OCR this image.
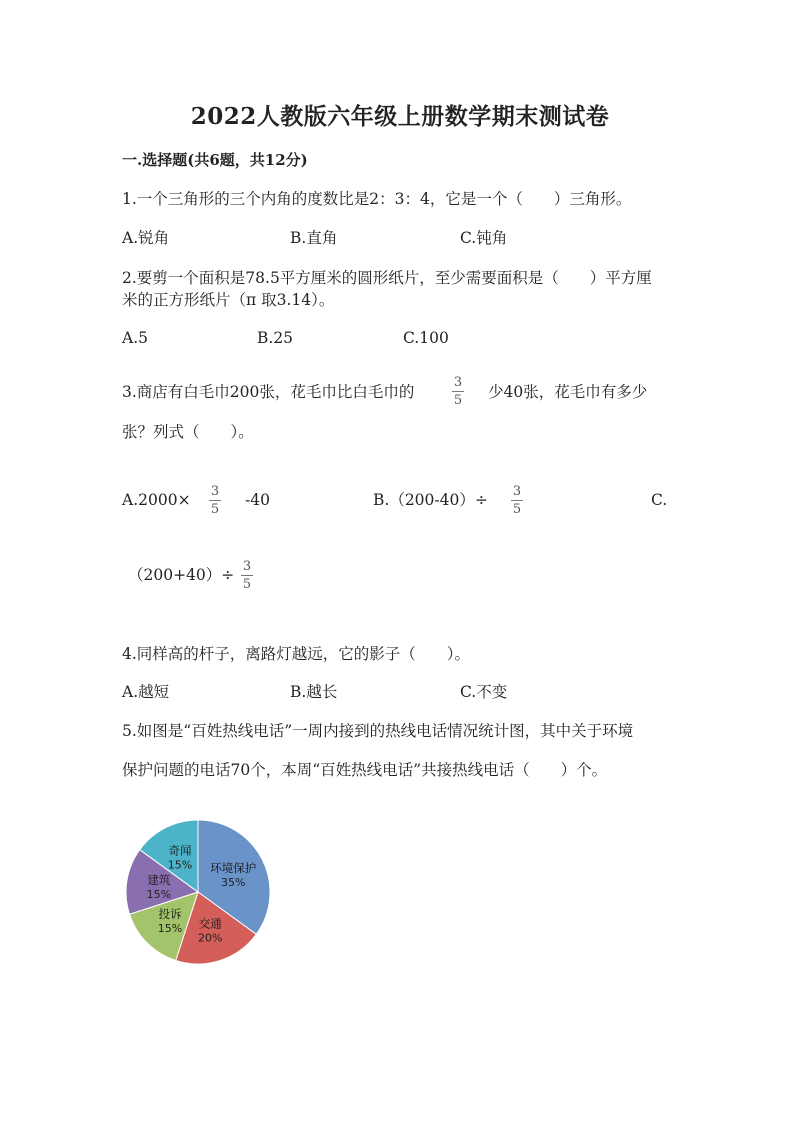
2022人教版六年级上册数学期末测试卷
一.选择题(共6题，共12分)
1.一个三角形的三个内角的度数比是2：3：4，它是一个（　　）三角形。
A.锐角	B.直角	C.钝角
2.要剪一个面积是78.5平方厘米的圆形纸片，至少需要面积是（　　）平方厘
米的正方形纸片（π 取3.14）。
A.5	B.25	C.100
3.商店有白毛巾200张，花毛巾比白毛巾的
3
5 少40张，花毛巾有多少
张？列式（　　）。
A.2000× 3
5
-40	B.（200-40）÷ 3
5
C.
（200+40）÷ 3
5
4.同样高的杆子，离路灯越远，它的影子（　　）。
A.越短	B.越长	C.不变
5.如图是“百姓热线电话”一周内接到的热线电话情况统计图，其中关于环境
保护问题的电话70个，本周“百姓热线电话”共接热线电话（　　）个。
环境保护
35%
交通
20%
投诉
15%
建筑
15%
奇闻
15%
